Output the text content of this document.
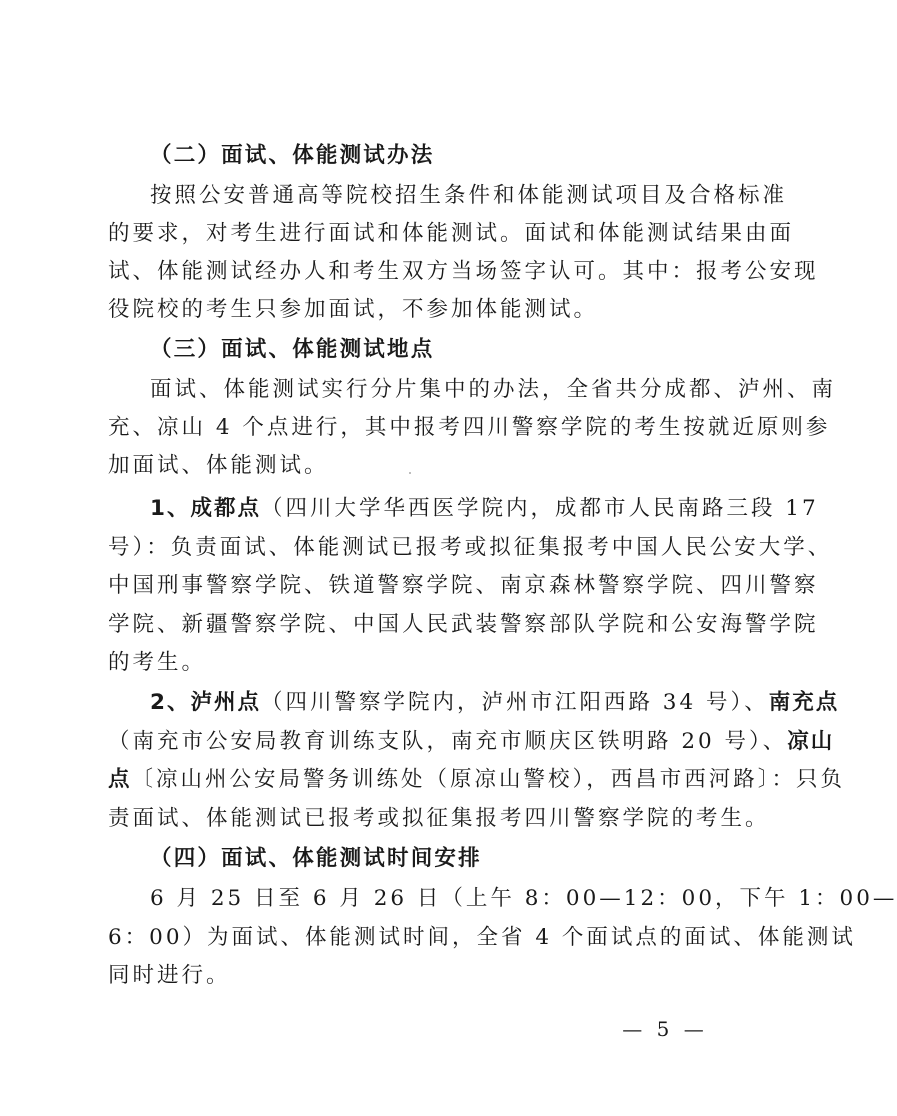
（二）面试、体能测试办法
按照公安普通高等院校招生条件和体能测试项目及合格标准
的要求，对考生进行面试和体能测试。面试和体能测试结果由面
试、体能测试经办人和考生双方当场签字认可。其中：报考公安现
役院校的考生只参加面试，不参加体能测试。
（三）面试、体能测试地点
面试、体能测试实行分片集中的办法，全省共分成都、泸州、南
充、凉山 4 个点进行，其中报考四川警察学院的考生按就近原则参
加面试、体能测试。
1、成都点（四川大学华西医学院内，成都市人民南路三段 17
号）：负责面试、体能测试已报考或拟征集报考中国人民公安大学、
中国刑事警察学院、铁道警察学院、南京森林警察学院、四川警察
学院、新疆警察学院、中国人民武装警察部队学院和公安海警学院
的考生。
2、泸州点（四川警察学院内，泸州市江阳西路 34 号）、南充点
（南充市公安局教育训练支队，南充市顺庆区铁明路 20 号）、凉山
点〔凉山州公安局警务训练处（原凉山警校），西昌市西河路〕：只负
责面试、体能测试已报考或拟征集报考四川警察学院的考生。
（四）面试、体能测试时间安排
6 月 25 日至 6 月 26 日（上午 8：00—12：00，下午 1：00—
6：00）为面试、体能测试时间，全省 4 个面试点的面试、体能测试
同时进行。
— 5 —
